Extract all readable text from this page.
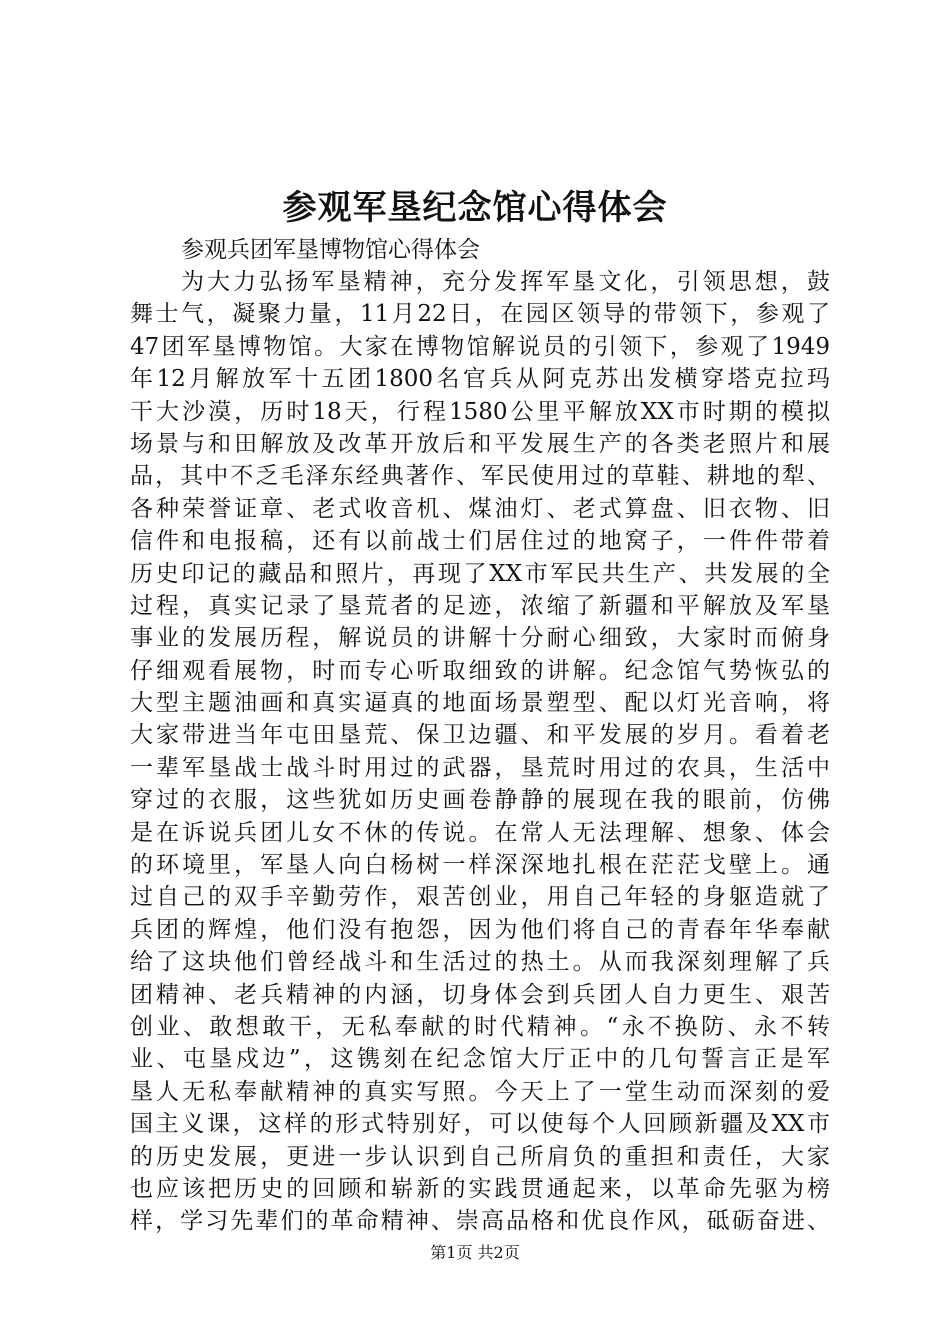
参观军垦纪念馆心得体会

参观兵团军垦博物馆心得体会

为大力弘扬军垦精神，充分发挥军垦文化，引领思想，鼓
舞士气，凝聚力量，11月22日，在园区领导的带领下，参观了
47团军垦博物馆。大家在博物馆解说员的引领下，参观了1949
年12月解放军十五团1800名官兵从阿克苏出发横穿塔克拉玛
干大沙漠，历时18天，行程1580公里平解放XX市时期的模拟
场景与和田解放及改革开放后和平发展生产的各类老照片和展
品，其中不乏毛泽东经典著作、军民使用过的草鞋、耕地的犁、
各种荣誉证章、老式收音机、煤油灯、老式算盘、旧衣物、旧
信件和电报稿，还有以前战士们居住过的地窝子，一件件带着
历史印记的藏品和照片，再现了XX市军民共生产、共发展的全
过程，真实记录了垦荒者的足迹，浓缩了新疆和平解放及军垦
事业的发展历程，解说员的讲解十分耐心细致，大家时而俯身
仔细观看展物，时而专心听取细致的讲解。纪念馆气势恢弘的
大型主题油画和真实逼真的地面场景塑型、配以灯光音响，将
大家带进当年屯田垦荒、保卫边疆、和平发展的岁月。看着老
一辈军垦战士战斗时用过的武器，垦荒时用过的农具，生活中
穿过的衣服，这些犹如历史画卷静静的展现在我的眼前，仿佛
是在诉说兵团儿女不休的传说。在常人无法理解、想象、体会
的环境里，军垦人向白杨树一样深深地扎根在茫茫戈壁上。通
过自己的双手辛勤劳作，艰苦创业，用自己年轻的身躯造就了
兵团的辉煌，他们没有抱怨，因为他们将自己的青春年华奉献
给了这块他们曾经战斗和生活过的热土。从而我深刻理解了兵
团精神、老兵精神的内涵，切身体会到兵团人自力更生、艰苦
创业、敢想敢干，无私奉献的时代精神。“永不换防、永不转
业、屯垦戍边”，这镌刻在纪念馆大厅正中的几句誓言正是军
垦人无私奉献精神的真实写照。今天上了一堂生动而深刻的爱
国主义课，这样的形式特别好，可以使每个人回顾新疆及XX市
的历史发展，更进一步认识到自己所肩负的重担和责任，大家
也应该把历史的回顾和崭新的实践贯通起来，以革命先驱为榜
样，学习先辈们的革命精神、崇高品格和优良作风，砥砺奋进、

第1页 共2页
